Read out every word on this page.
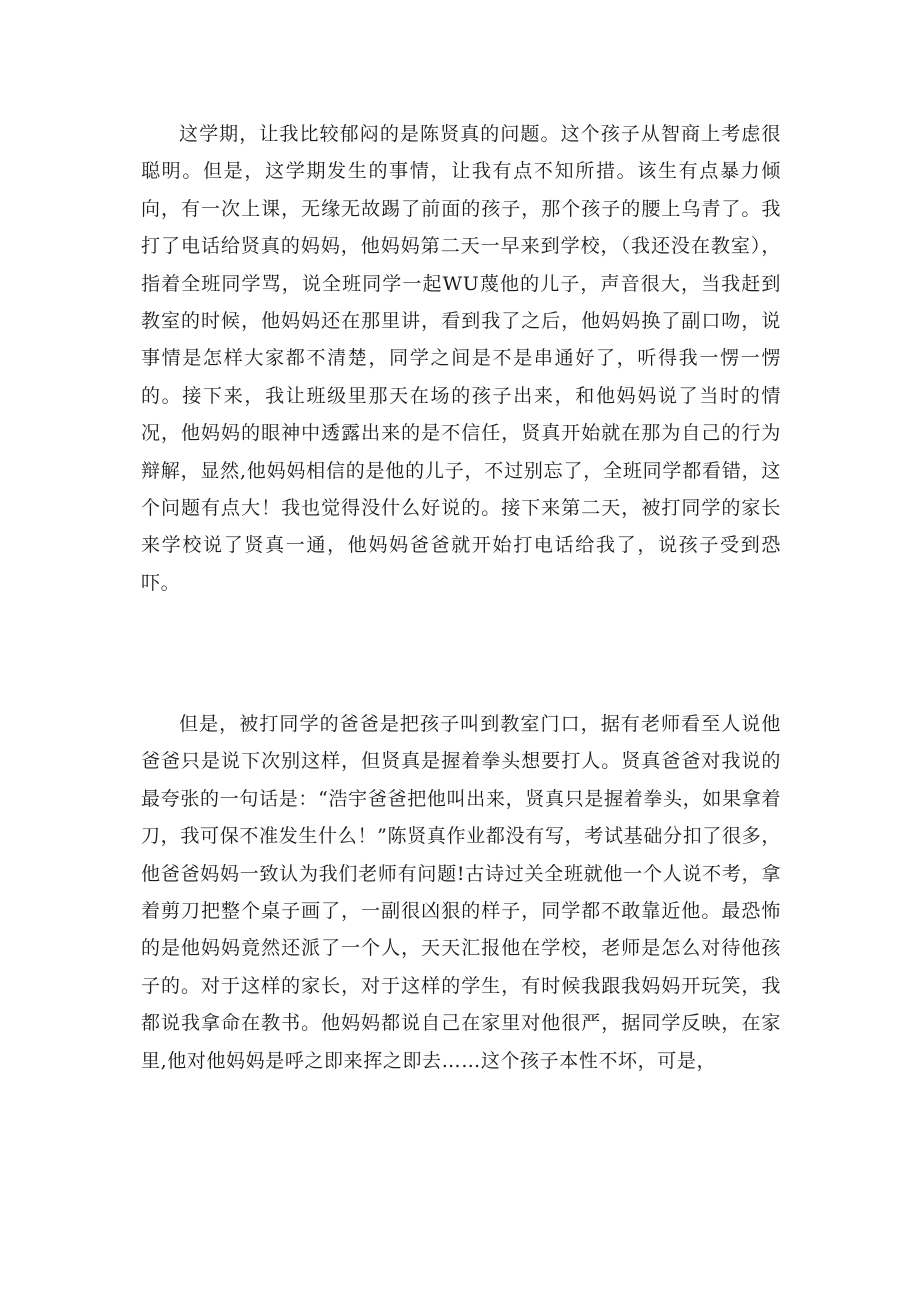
这学期，让我比较郁闷的是陈贤真的问题。这个孩子从智商上考虑很聪明。但是，这学期发生的事情，让我有点不知所措。该生有点暴力倾向，有一次上课，无缘无故踢了前面的孩子，那个孩子的腰上乌青了。我打了电话给贤真的妈妈，他妈妈第二天一早来到学校，（我还没在教室），指着全班同学骂，说全班同学一起WU蔑他的儿子，声音很大，当我赶到教室的时候，他妈妈还在那里讲，看到我了之后，他妈妈换了副口吻，说事情是怎样大家都不清楚，同学之间是不是串通好了，听得我一愣一愣的。接下来，我让班级里那天在场的孩子出来，和他妈妈说了当时的情况，他妈妈的眼神中透露出来的是不信任，贤真开始就在那为自己的行为辩解，显然,他妈妈相信的是他的儿子，不过别忘了，全班同学都看错，这个问题有点大！我也觉得没什么好说的。接下来第二天，被打同学的家长来学校说了贤真一通，他妈妈爸爸就开始打电话给我了，说孩子受到恐吓。

但是，被打同学的爸爸是把孩子叫到教室门口，据有老师看至人说他爸爸只是说下次别这样，但贤真是握着拳头想要打人。贤真爸爸对我说的最夸张的一句话是：“浩宇爸爸把他叫出来，贤真只是握着拳头，如果拿着刀，我可保不准发生什么！”陈贤真作业都没有写，考试基础分扣了很多，他爸爸妈妈一致认为我们老师有问题!古诗过关全班就他一个人说不考，拿着剪刀把整个桌子画了，一副很凶狠的样子，同学都不敢靠近他。最恐怖的是他妈妈竟然还派了一个人，天天汇报他在学校，老师是怎么对待他孩子的。对于这样的家长，对于这样的学生，有时候我跟我妈妈开玩笑，我都说我拿命在教书。他妈妈都说自己在家里对他很严，据同学反映，在家里,他对他妈妈是呼之即来挥之即去……这个孩子本性不坏，可是，
